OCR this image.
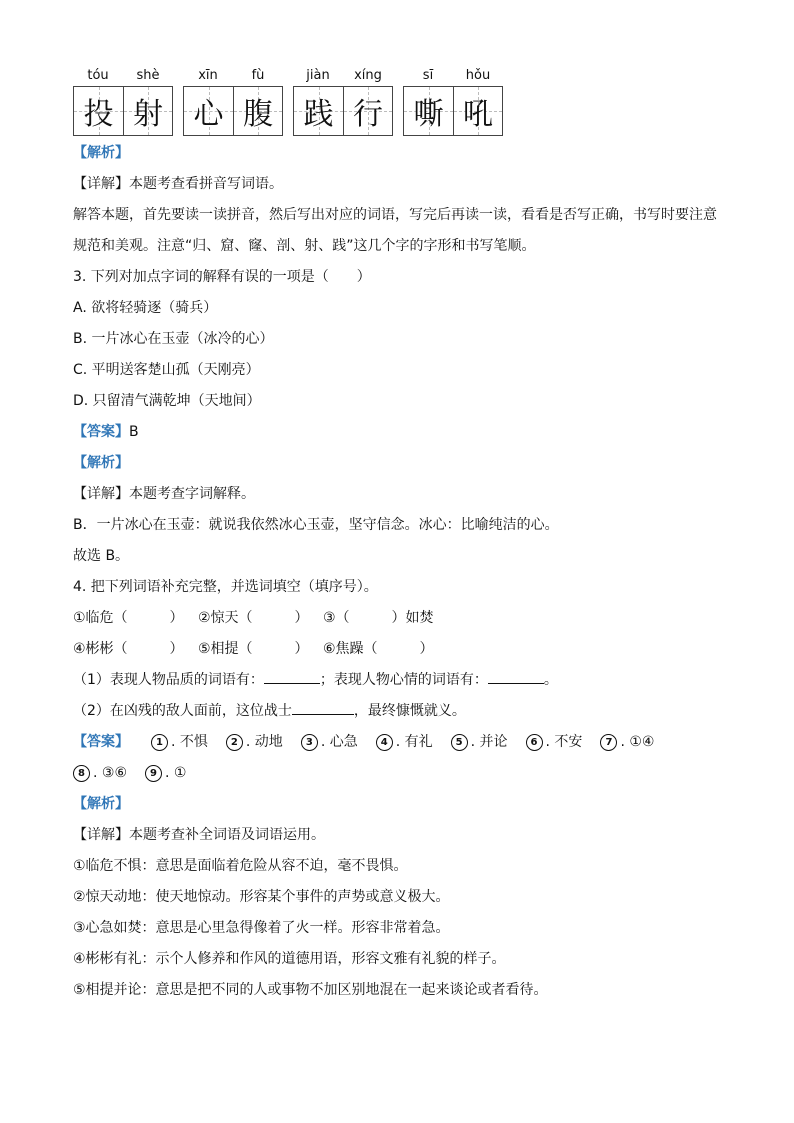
tóu	shè
投 射
xīn	fù
心 腹
jiàn	xíng
践 行
sī	hǒu
嘶 吼
【解析】
【详解】本题考查看拼音写词语。
解答本题，首先要读一读拼音，然后写出对应的词语，写完后再读一读，看看是否写正确，书写时要注意规范和美观。注意“归、窟、窿、剖、射、践”这几个字的字形和书写笔顺。
3. 下列对加点字词的解释有误的一项是（　　）
A. 欲将轻骑逐（骑兵）
B. 一片冰心在玉壶（冰冷的心）
C. 平明送客楚山孤（天刚亮）
D. 只留清气满乾坤（天地间）
【答案】B
【解析】
【详解】本题考查字词解释。
B．一片冰心在玉壶：就说我依然冰心玉壶，坚守信念。冰心：比喻纯洁的心。
故选 B。
4. 把下列词语补充完整，并选词填空（填序号）。
①临危（　　　） ②惊天（　　　） ③（　　　）如焚
④彬彬（　　　） ⑤相提（　　　） ⑥焦躁（　　　）
（1）表现人物品质的词语有：	；表现人物心情的词语有：	。
（2）在凶残的敌人面前，这位战士	，最终慷慨就义。
【答案】	1 . 不惧 2 . 动地 3 . 心急 4 . 有礼 5 . 并论 6 . 不安 7 . ①④
8 . ③⑥ 9 . ①
【解析】
【详解】本题考查补全词语及词语运用。
①临危不惧：意思是面临着危险从容不迫，毫不畏惧。
②惊天动地：使天地惊动。形容某个事件的声势或意义极大。
③心急如焚：意思是心里急得像着了火一样。形容非常着急。
④彬彬有礼：示个人修养和作风的道德用语，形容文雅有礼貌的样子。
⑤相提并论：意思是把不同的人或事物不加区别地混在一起来谈论或者看待。
